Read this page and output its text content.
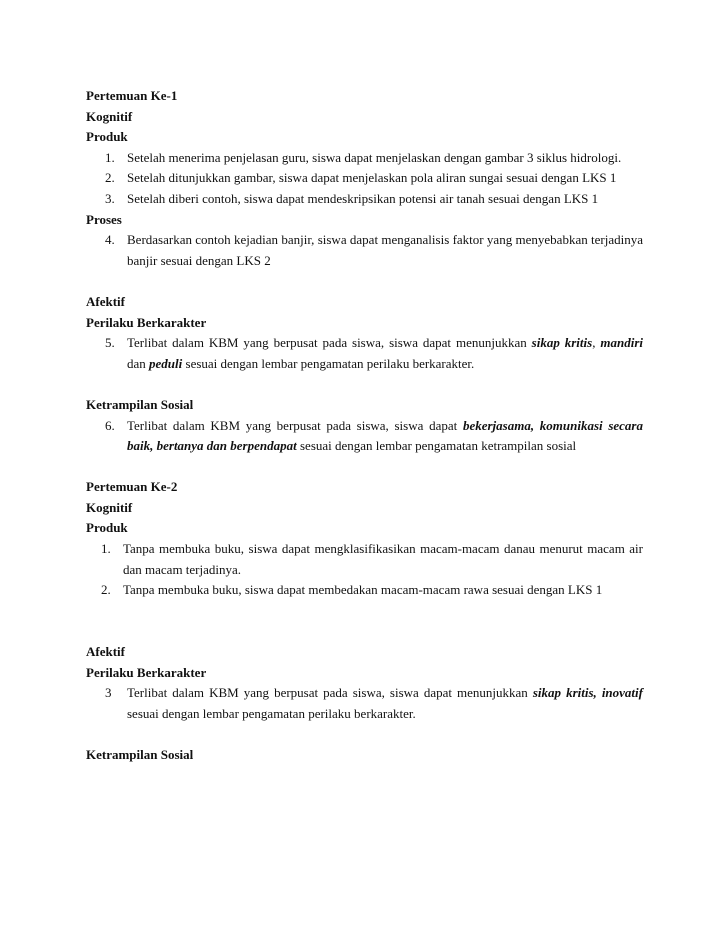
Pertemuan Ke-1

Kognitif

Produk

1. Setelah menerima penjelasan guru, siswa dapat menjelaskan dengan gambar 3 siklus hidrologi.
2. Setelah ditunjukkan gambar, siswa dapat menjelaskan pola aliran sungai sesuai dengan LKS 1
3. Setelah diberi contoh, siswa dapat mendeskripsikan potensi air tanah sesuai dengan LKS 1

Proses

4. Berdasarkan contoh kejadian banjir, siswa dapat menganalisis faktor yang menyebabkan terjadinya banjir sesuai dengan LKS 2

Afektif

Perilaku Berkarakter

5. Terlibat dalam KBM yang berpusat pada siswa, siswa dapat menunjukkan sikap kritis, mandiri dan peduli sesuai dengan lembar pengamatan perilaku berkarakter.

Ketrampilan Sosial

6. Terlibat dalam KBM yang berpusat pada siswa, siswa dapat bekerjasama, komunikasi secara baik, bertanya dan berpendapat sesuai dengan lembar pengamatan ketrampilan sosial

Pertemuan Ke-2

Kognitif

Produk

1. Tanpa membuka buku, siswa dapat mengklasifikasikan macam-macam danau menurut macam air dan macam terjadinya.
2. Tanpa membuka buku, siswa dapat membedakan macam-macam rawa sesuai dengan LKS 1

Afektif

Perilaku Berkarakter

3	Terlibat dalam KBM yang berpusat pada siswa, siswa dapat menunjukkan sikap kritis, inovatif sesuai dengan lembar pengamatan perilaku berkarakter.

Ketrampilan Sosial
